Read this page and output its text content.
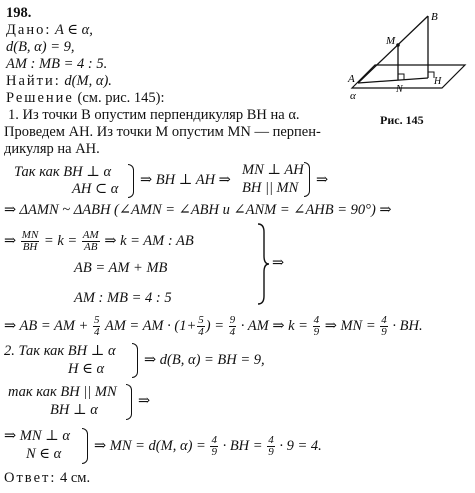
198.
Дано: A ∈ α,
d(B, α) = 9,
AM : MB = 4 : 5.
Найти: d(M, α).
Решение (см. рис. 145):
B
M
A
N
H
α
Рис. 145
1. Из точки B опустим перпендикуляр BH на α.
Проведем AH. Из точки M опустим MN — перпен-
дикуляр на AH.
Так как BH ⊥ α
AH ⊂ α
⇒ BH ⊥ AH ⇒
MN ⊥ AH
BH || MN ⇒
⇒ ΔAMN ~ ΔABH (∠AMN = ∠ABH и ∠ANM = ∠AHB = 90°) ⇒
⇒ $\frac{MN}{BH} = k = \frac{AM}{AB}$ ⇒ k = AM : AB
AB = AM + MB
AM : MB = 4 : 5
⇒
⇒ AB = AM + $\frac{5}{4}$ AM = AM · ($1+ \frac{5}{4}$ ) = $\frac{9}{4}$ · AM ⇒ $k = \frac{4}{9}$ ⇒ MN = $\frac{4}{9}$ · BH.
2. Так как BH ⊥ α
H ∈ α
⇒ d(B, α) = BH = 9,
так как BH || MN
BH ⊥ α
⇒
⇒ MN ⊥ α
N ∈ α ⇒ MN = d(M, $\alpha) = \frac{4}{9}$ · BH = $\frac{4}{9} \cdot 9 = 4$.
Ответ: 4 см.
